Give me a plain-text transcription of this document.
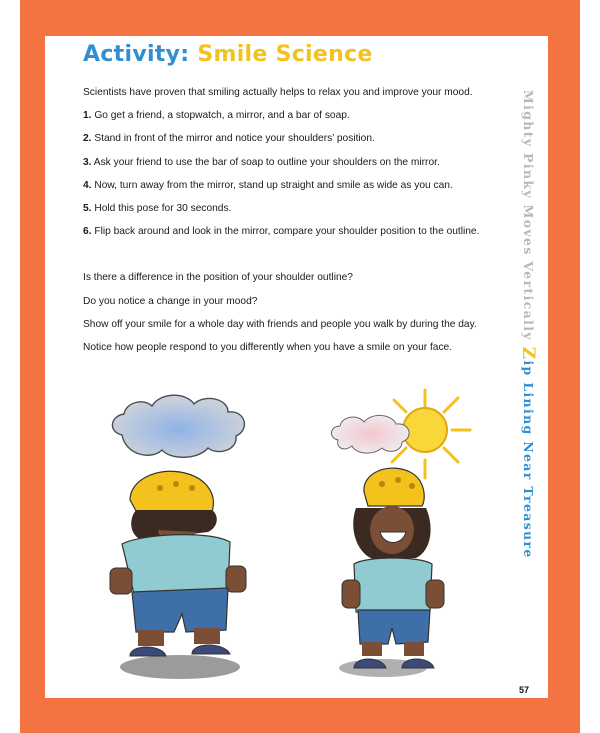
Activity: Smile Science
Scientists have proven that smiling actually helps to relax you and improve your mood.
1. Go get a friend, a stopwatch, a mirror, and a bar of soap.
2. Stand in front of the mirror and notice your shoulders’ position.
3. Ask your friend to use the bar of soap to outline your shoulders on the mirror.
4. Now, turn away from the mirror, stand up straight and smile as wide as you can.
5. Hold this pose for 30 seconds.
6. Flip back around and look in the mirror, compare your shoulder position to the outline.
Is there a difference in the position of your shoulder outline?
Do you notice a change in your mood?
Show off your smile for a whole day with friends and people you walk by during the day.
Notice how people respond to you differently when you have a smile on your face.
Mighty Pinky Moves Vertically Zip Lining Near Treasure
57
